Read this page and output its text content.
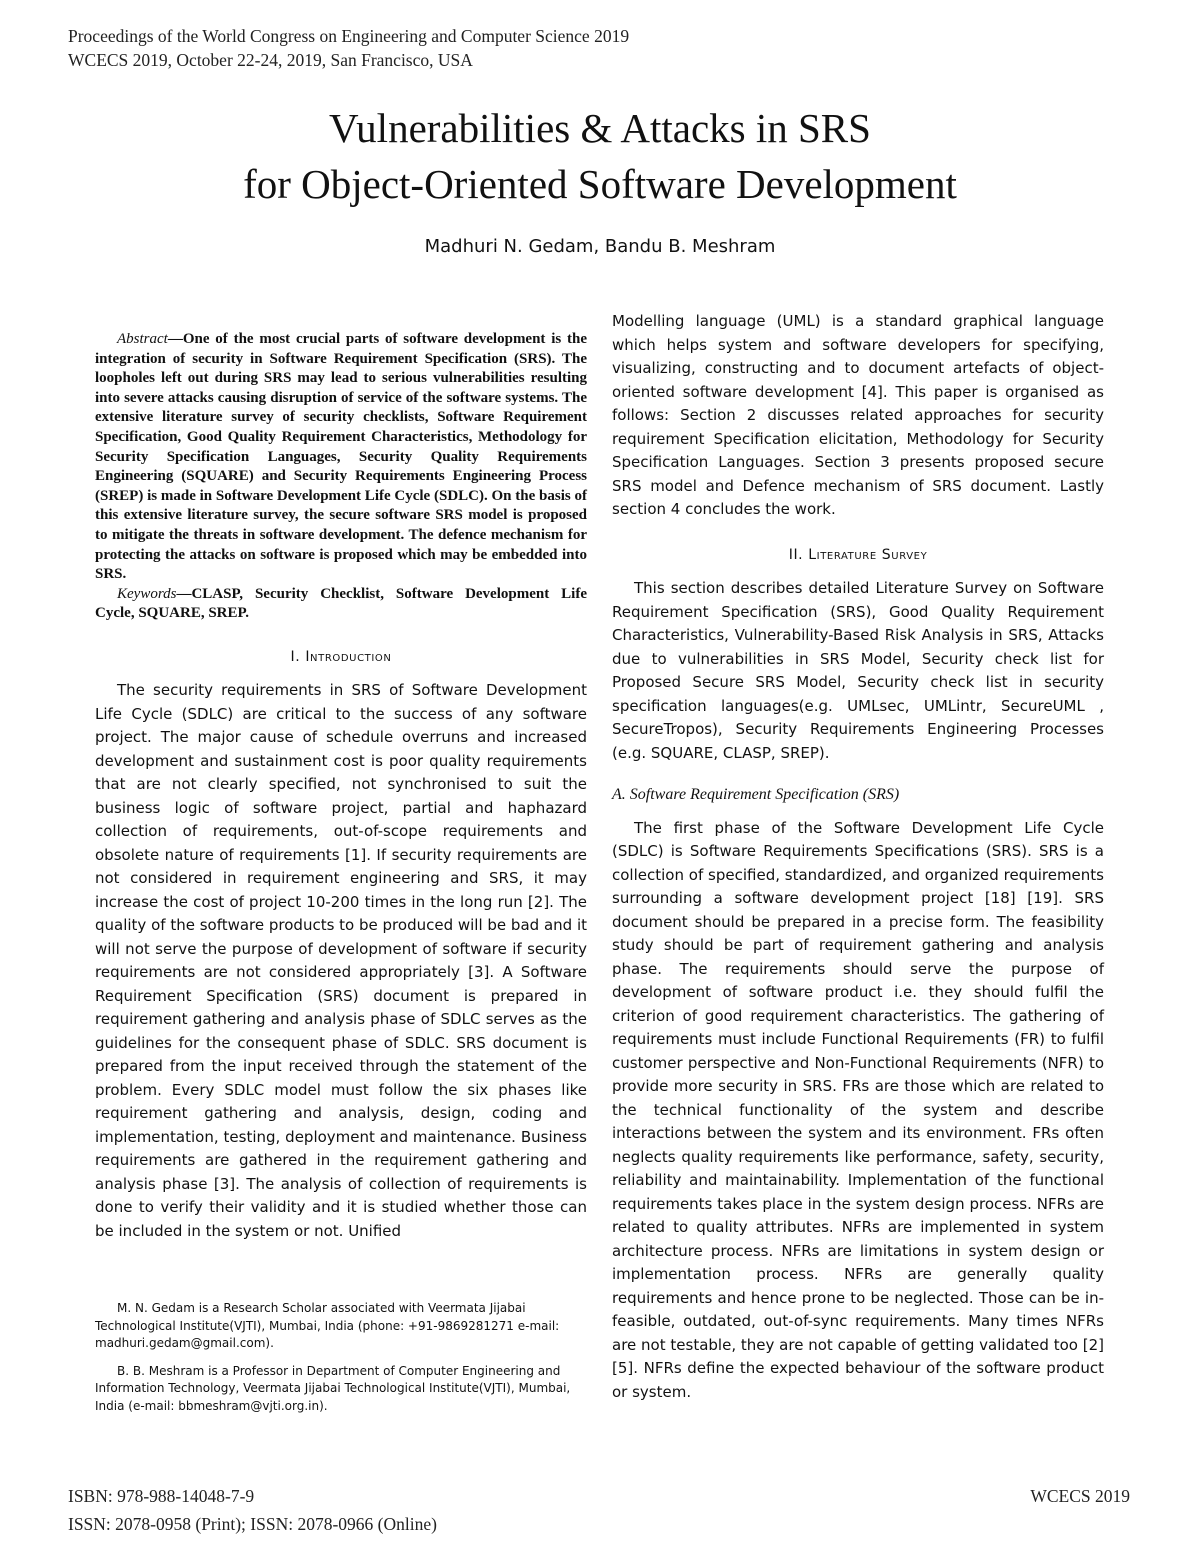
Proceedings of the World Congress on Engineering and Computer Science 2019
WCECS 2019, October 22-24, 2019, San Francisco, USA
Vulnerabilities & Attacks in SRS
for Object-Oriented Software Development
Madhuri N. Gedam, Bandu B. Meshram

Abstract—One of the most crucial parts of software development is the integration of security in Software Requirement Specification (SRS). The loopholes left out during SRS may lead to serious vulnerabilities resulting into severe attacks causing disruption of service of the software systems. The extensive literature survey of security checklists, Software Requirement Specification, Good Quality Requirement Characteristics, Methodology for Security Specification Languages, Security Quality Requirements Engineering (SQUARE) and Security Requirements Engineering Process (SREP) is made in Software Development Life Cycle (SDLC). On the basis of this extensive literature survey, the secure software SRS model is proposed to mitigate the threats in software development. The defence mechanism for protecting the attacks on software is proposed which may be embedded into SRS.

Keywords—CLASP, Security Checklist, Software Development Life Cycle, SQUARE, SREP.

I. Introduction

The security requirements in SRS of Software Development Life Cycle (SDLC) are critical to the success of any software project. The major cause of schedule overruns and increased development and sustainment cost is poor quality requirements that are not clearly specified, not synchronised to suit the business logic of software project, partial and haphazard collection of requirements, out-of-scope requirements and obsolete nature of requirements [1]. If security requirements are not considered in requirement engineering and SRS, it may increase the cost of project 10-200 times in the long run [2]. The quality of the software products to be produced will be bad and it will not serve the purpose of development of software if security requirements are not considered appropriately [3]. A Software Requirement Specification (SRS) document is prepared in requirement gathering and analysis phase of SDLC serves as the guidelines for the consequent phase of SDLC. SRS document is prepared from the input received through the statement of the problem. Every SDLC model must follow the six phases like requirement gathering and analysis, design, coding and implementation, testing, deployment and maintenance. Business requirements are gathered in the requirement gathering and analysis phase [3]. The analysis of collection of requirements is done to verify their validity and it is studied whether those can be included in the system or not. Unified

M. N. Gedam is a Research Scholar associated with Veermata Jijabai Technological Institute(VJTI), Mumbai, India (phone: +91-9869281271 e-mail: madhuri.gedam@gmail.com).

B. B. Meshram is a Professor in Department of Computer Engineering and Information Technology, Veermata Jijabai Technological Institute(VJTI), Mumbai, India (e-mail: bbmeshram@vjti.org.in).

Modelling language (UML) is a standard graphical language which helps system and software developers for specifying, visualizing, constructing and to document artefacts of object-oriented software development [4]. This paper is organised as follows: Section 2 discusses related approaches for security requirement Specification elicitation, Methodology for Security Specification Languages. Section 3 presents proposed secure SRS model and Defence mechanism of SRS document. Lastly section 4 concludes the work.

II. Literature Survey

This section describes detailed Literature Survey on Software Requirement Specification (SRS), Good Quality Requirement Characteristics, Vulnerability-Based Risk Analysis in SRS, Attacks due to vulnerabilities in SRS Model, Security check list for Proposed Secure SRS Model, Security check list in security specification languages(e.g. UMLsec, UMLintr, SecureUML , SecureTropos), Security Requirements Engineering Processes (e.g. SQUARE, CLASP, SREP).

A. Software Requirement Specification (SRS)

The first phase of the Software Development Life Cycle (SDLC) is Software Requirements Specifications (SRS). SRS is a collection of specified, standardized, and organized requirements surrounding a software development project [18] [19]. SRS document should be prepared in a precise form. The feasibility study should be part of requirement gathering and analysis phase. The requirements should serve the purpose of development of software product i.e. they should fulfil the criterion of good requirement characteristics. The gathering of requirements must include Functional Requirements (FR) to fulfil customer perspective and Non-Functional Requirements (NFR) to provide more security in SRS. FRs are those which are related to the technical functionality of the system and describe interactions between the system and its environment. FRs often neglects quality requirements like performance, safety, security, reliability and maintainability. Implementation of the functional requirements takes place in the system design process. NFRs are related to quality attributes. NFRs are implemented in system architecture process. NFRs are limitations in system design or implementation process. NFRs are generally quality requirements and hence prone to be neglected. Those can be in-feasible, outdated, out-of-sync requirements. Many times NFRs are not testable, they are not capable of getting validated too [2][5]. NFRs define the expected behaviour of the software product or system.

ISBN: 978-988-14048-7-9
ISSN: 2078-0958 (Print); ISSN: 2078-0966 (Online)
WCECS 2019
